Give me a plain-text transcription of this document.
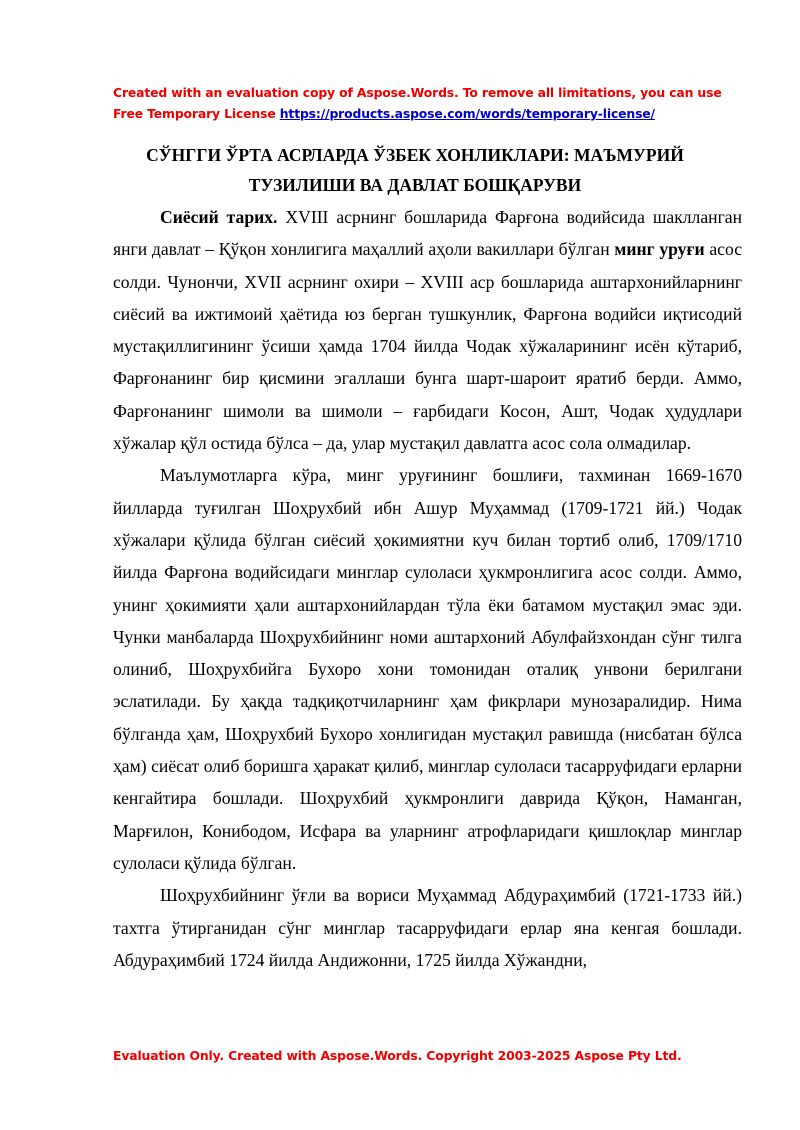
Created with an evaluation copy of Aspose.Words. To remove all limitations, you can use
Free Temporary License https://products.aspose.com/words/temporary-license/
СЎНГГИ ЎРТА АСРЛАРДА ЎЗБЕК ХОНЛИКЛАРИ: МАЪМУРИЙ
ТУЗИЛИШИ ВА ДАВЛАТ БОШҚАРУВИ

Сиёсий тарих. XVIII асрнинг бошларида Фарғона водийсида шаклланган янги давлат – Қўқон хонлигига маҳаллий аҳоли вакиллари бўлган минг уруғи асос солди. Чунончи, XVII асрнинг охири – XVIII аср бошларида аштархонийларнинг сиёсий ва ижтимоий ҳаётида юз берган тушкунлик, Фарғона водийси иқтисодий мустақиллигининг ўсиши ҳамда 1704 йилда Чодак хўжаларининг исён кўтариб, Фарғонанинг бир қисмини эгаллаши бунга шарт-шароит яратиб берди. Аммо, Фарғонанинг шимоли ва шимоли – ғарбидаги Косон, Ашт, Чодак ҳудудлари хўжалар қўл остида бўлса – да, улар мустақил давлатга асос сола олмадилар.

Маълумотларга кўра, минг уруғининг бошлиғи, тахминан 1669-1670 йилларда туғилган Шоҳрухбий ибн Ашур Муҳаммад (1709-1721 йй.) Чодак хўжалари қўлида бўлган сиёсий ҳокимиятни куч билан тортиб олиб, 1709/1710 йилда Фарғона водийсидаги минглар сулоласи ҳукмронлигига асос солди. Аммо, унинг ҳокимияти ҳали аштархонийлардан тўла ёки батамом мустақил эмас эди. Чунки манбаларда Шоҳрухбийнинг номи аштархоний Абулфайзхондан сўнг тилга олиниб, Шоҳрухбийга Бухоро хони томонидан оталиқ унвони берилгани эслатилади. Бу ҳақда тадқиқотчиларнинг ҳам фикрлари мунозаралидир. Нима бўлганда ҳам, Шоҳрухбий Бухоро хонлигидан мустақил равишда (нисбатан бўлса ҳам) сиёсат олиб боришга ҳаракат қилиб, минглар сулоласи тасарруфидаги ерларни кенгайтира бошлади. Шоҳрухбий ҳукмронлиги даврида Қўқон, Наманган, Марғилон, Конибодом, Исфара ва уларнинг атрофларидаги қишлоқлар минглар сулоласи қўлида бўлган.

Шоҳрухбийнинг ўғли ва вориси Муҳаммад Абдураҳимбий (1721-1733 йй.) тахтга ўтирганидан сўнг минглар тасарруфидаги ерлар яна кенгая бошлади. Абдураҳимбий 1724 йилда Андижонни, 1725 йилда Хўжандни,

Evaluation Only. Created with Aspose.Words. Copyright 2003-2025 Aspose Pty Ltd.
